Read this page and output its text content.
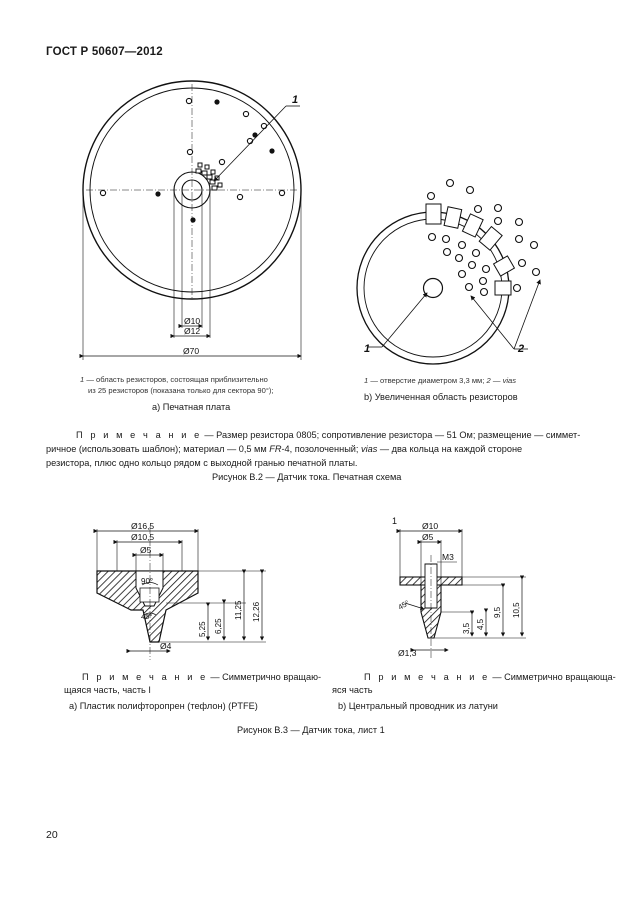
ГОСТ Р 50607—2012
1
Ø10
Ø12
Ø70	1	2
Ø16,5
Ø10,5
Ø5
90°
45°
Ø4
5,25 6,25
11,25 12,26
1	Ø10
Ø5
M3
45°
Ø1,3
3,5 4,5
9,5 10,5
1 — область резисторов, состоящая приблизительно
из 25 резисторов (показана только для сектора 90°);
а) Печатная плата
1 — отверстие диаметром 3,3 мм; 2 — vias
b) Увеличенная область резисторов
П р и м е ч а н и е — Размер резистора 0805; сопротивление резистора — 51 Ом; размещение — симмет-
ричное (использовать шаблон); материал — 0,5 мм FR-4, позолоченный; vias — два кольца на каждой стороне
резистора, плюс одно кольцо рядом с выходной гранью печатной платы.
Рисунок В.2 — Датчик тока. Печатная схема
П р и м е ч а н и е — Симметрично вращаю-
щаяся часть, часть I
а) Пластик полифторопрен (тефлон) (PTFE)
П р и м е ч а н и е — Симметрично вращающа-
яся часть
b) Центральный проводник из латуни
Рисунок В.3 — Датчик тока, лист 1
20
